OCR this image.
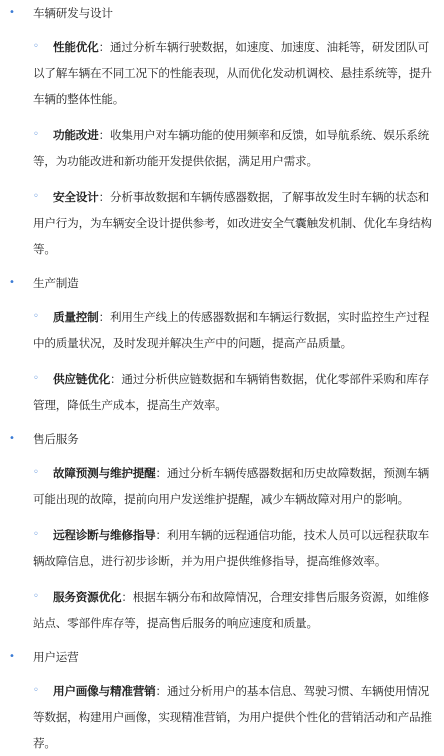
• 车辆研发与设计
◦ 性能优化：通过分析车辆行驶数据，如速度、加速度、油耗等，研发团队可以了解车辆在不同工况下的性能表现，从而优化发动机调校、悬挂系统等，提升车辆的整体性能。
◦ 功能改进：收集用户对车辆功能的使用频率和反馈，如导航系统、娱乐系统等，为功能改进和新功能开发提供依据，满足用户需求。
◦ 安全设计：分析事故数据和车辆传感器数据，了解事故发生时车辆的状态和用户行为，为车辆安全设计提供参考，如改进安全气囊触发机制、优化车身结构等。
• 生产制造
◦ 质量控制：利用生产线上的传感器数据和车辆运行数据，实时监控生产过程中的质量状况，及时发现并解决生产中的问题，提高产品质量。
◦ 供应链优化：通过分析供应链数据和车辆销售数据，优化零部件采购和库存管理，降低生产成本，提高生产效率。
• 售后服务
◦ 故障预测与维护提醒：通过分析车辆传感器数据和历史故障数据，预测车辆可能出现的故障，提前向用户发送维护提醒，减少车辆故障对用户的影响。
◦ 远程诊断与维修指导：利用车辆的远程通信功能，技术人员可以远程获取车辆故障信息，进行初步诊断，并为用户提供维修指导，提高维修效率。
◦ 服务资源优化：根据车辆分布和故障情况，合理安排售后服务资源，如维修站点、零部件库存等，提高售后服务的响应速度和质量。
• 用户运营
◦ 用户画像与精准营销：通过分析用户的基本信息、驾驶习惯、车辆使用情况等数据，构建用户画像，实现精准营销，为用户提供个性化的营销活动和产品推荐。
